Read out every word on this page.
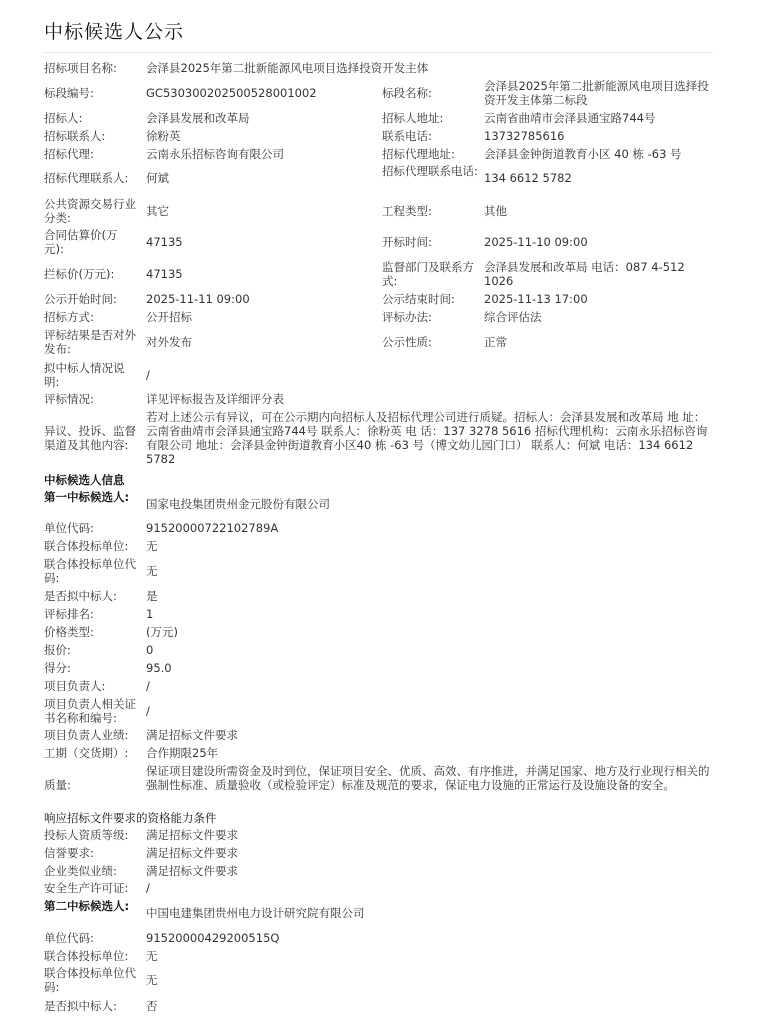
中标候选人公示
招标项目名称:	会泽县2025年第二批新能源风电项目选择投资开发主体
标段编号:	GC5303002025005280010​02	标段名称:	会泽县2025年第二批新能源风电项目选择投资开发主体第二标段
招标人:	会泽县发展和改革局	招标人地址:	云南省曲靖市会泽县通宝路744号
招标联系人:	徐粉英	联系电话:	13732785616
招标代理:	云南永乐招标咨询有限公司	招标代理地址:	会泽县金钟街道教育小区 40 栋 -63 号
招标代理联系人:	何斌	招标代理联系电话: 134 6612 5782
公共资源交易行业分类:	其它	工程类型:	其他
合同估算价(万元):	47135	开标时间:	2025-11-10 09:00
拦标价(万元):	47135	监督部门及联系方式:
会泽县发展和改革局 电话：087 4-512 1026
公示开始时间:	2025-11-11 09:00	公示结束时间:	2025-11-13 17:00
招标方式:	公开招标	评标办法:	综合评估法
评标结果是否对外发布:	对外发布	公示性质:	正常
拟中标人情况说明:	/
评标情况:	详见评标报告及详细评分表
异议、投诉、监督渠道及其他内容:
若对上述公示有异议，可在公示期内向招标人及招标代理公司进行质疑。招标人：会泽县发展和改革局 地 址：云南省曲靖市会泽县通宝路744号 联系人：徐粉英 电 话：137 3278 5616 招标代理机构：云南永乐招标咨询有限公司 地址：会泽县金钟街道教育小区40 栋 -63 号（博文幼儿园门口） 联系人：何斌 电话：134 6612 5782
中标候选人信息
第一中标候选人: 国家电投集团贵州金元股份有限公司
单位代码:	91520000722102789A
联合体投标单位:	无
联合体投标单位代码:	无
是否拟中标人:	是
评标排名:	1
价格类型:	(万元)
报价:	0
得分:	95.0
项目负责人:	/
项目负责人相关证书名称和编号:	/
项目负责人业绩:	满足招标文件要求
工期（交货期）:	合作期限25年
质量:
保证项目建设所需资金及时到位，保证项目安全、优质、高效、有序推进，并满足国家、地方及行业现行相关的强制性标准、质量验收（或检验评定）标准及规范的要求，保证电力设施的正常运行及设施设备的安全。
响应招标文件要求的资格能力条件
投标人资质等级:	满足招标文件要求
信誉要求:	满足招标文件要求
企业类似业绩:	满足招标文件要求
安全生产许可证:	/
第二中标候选人: 中国电建集团贵州电力设计研究院有限公司
单位代码:	91520000429200515Q
联合体投标单位:	无
联合体投标单位代码:	无
是否拟中标人:	否
